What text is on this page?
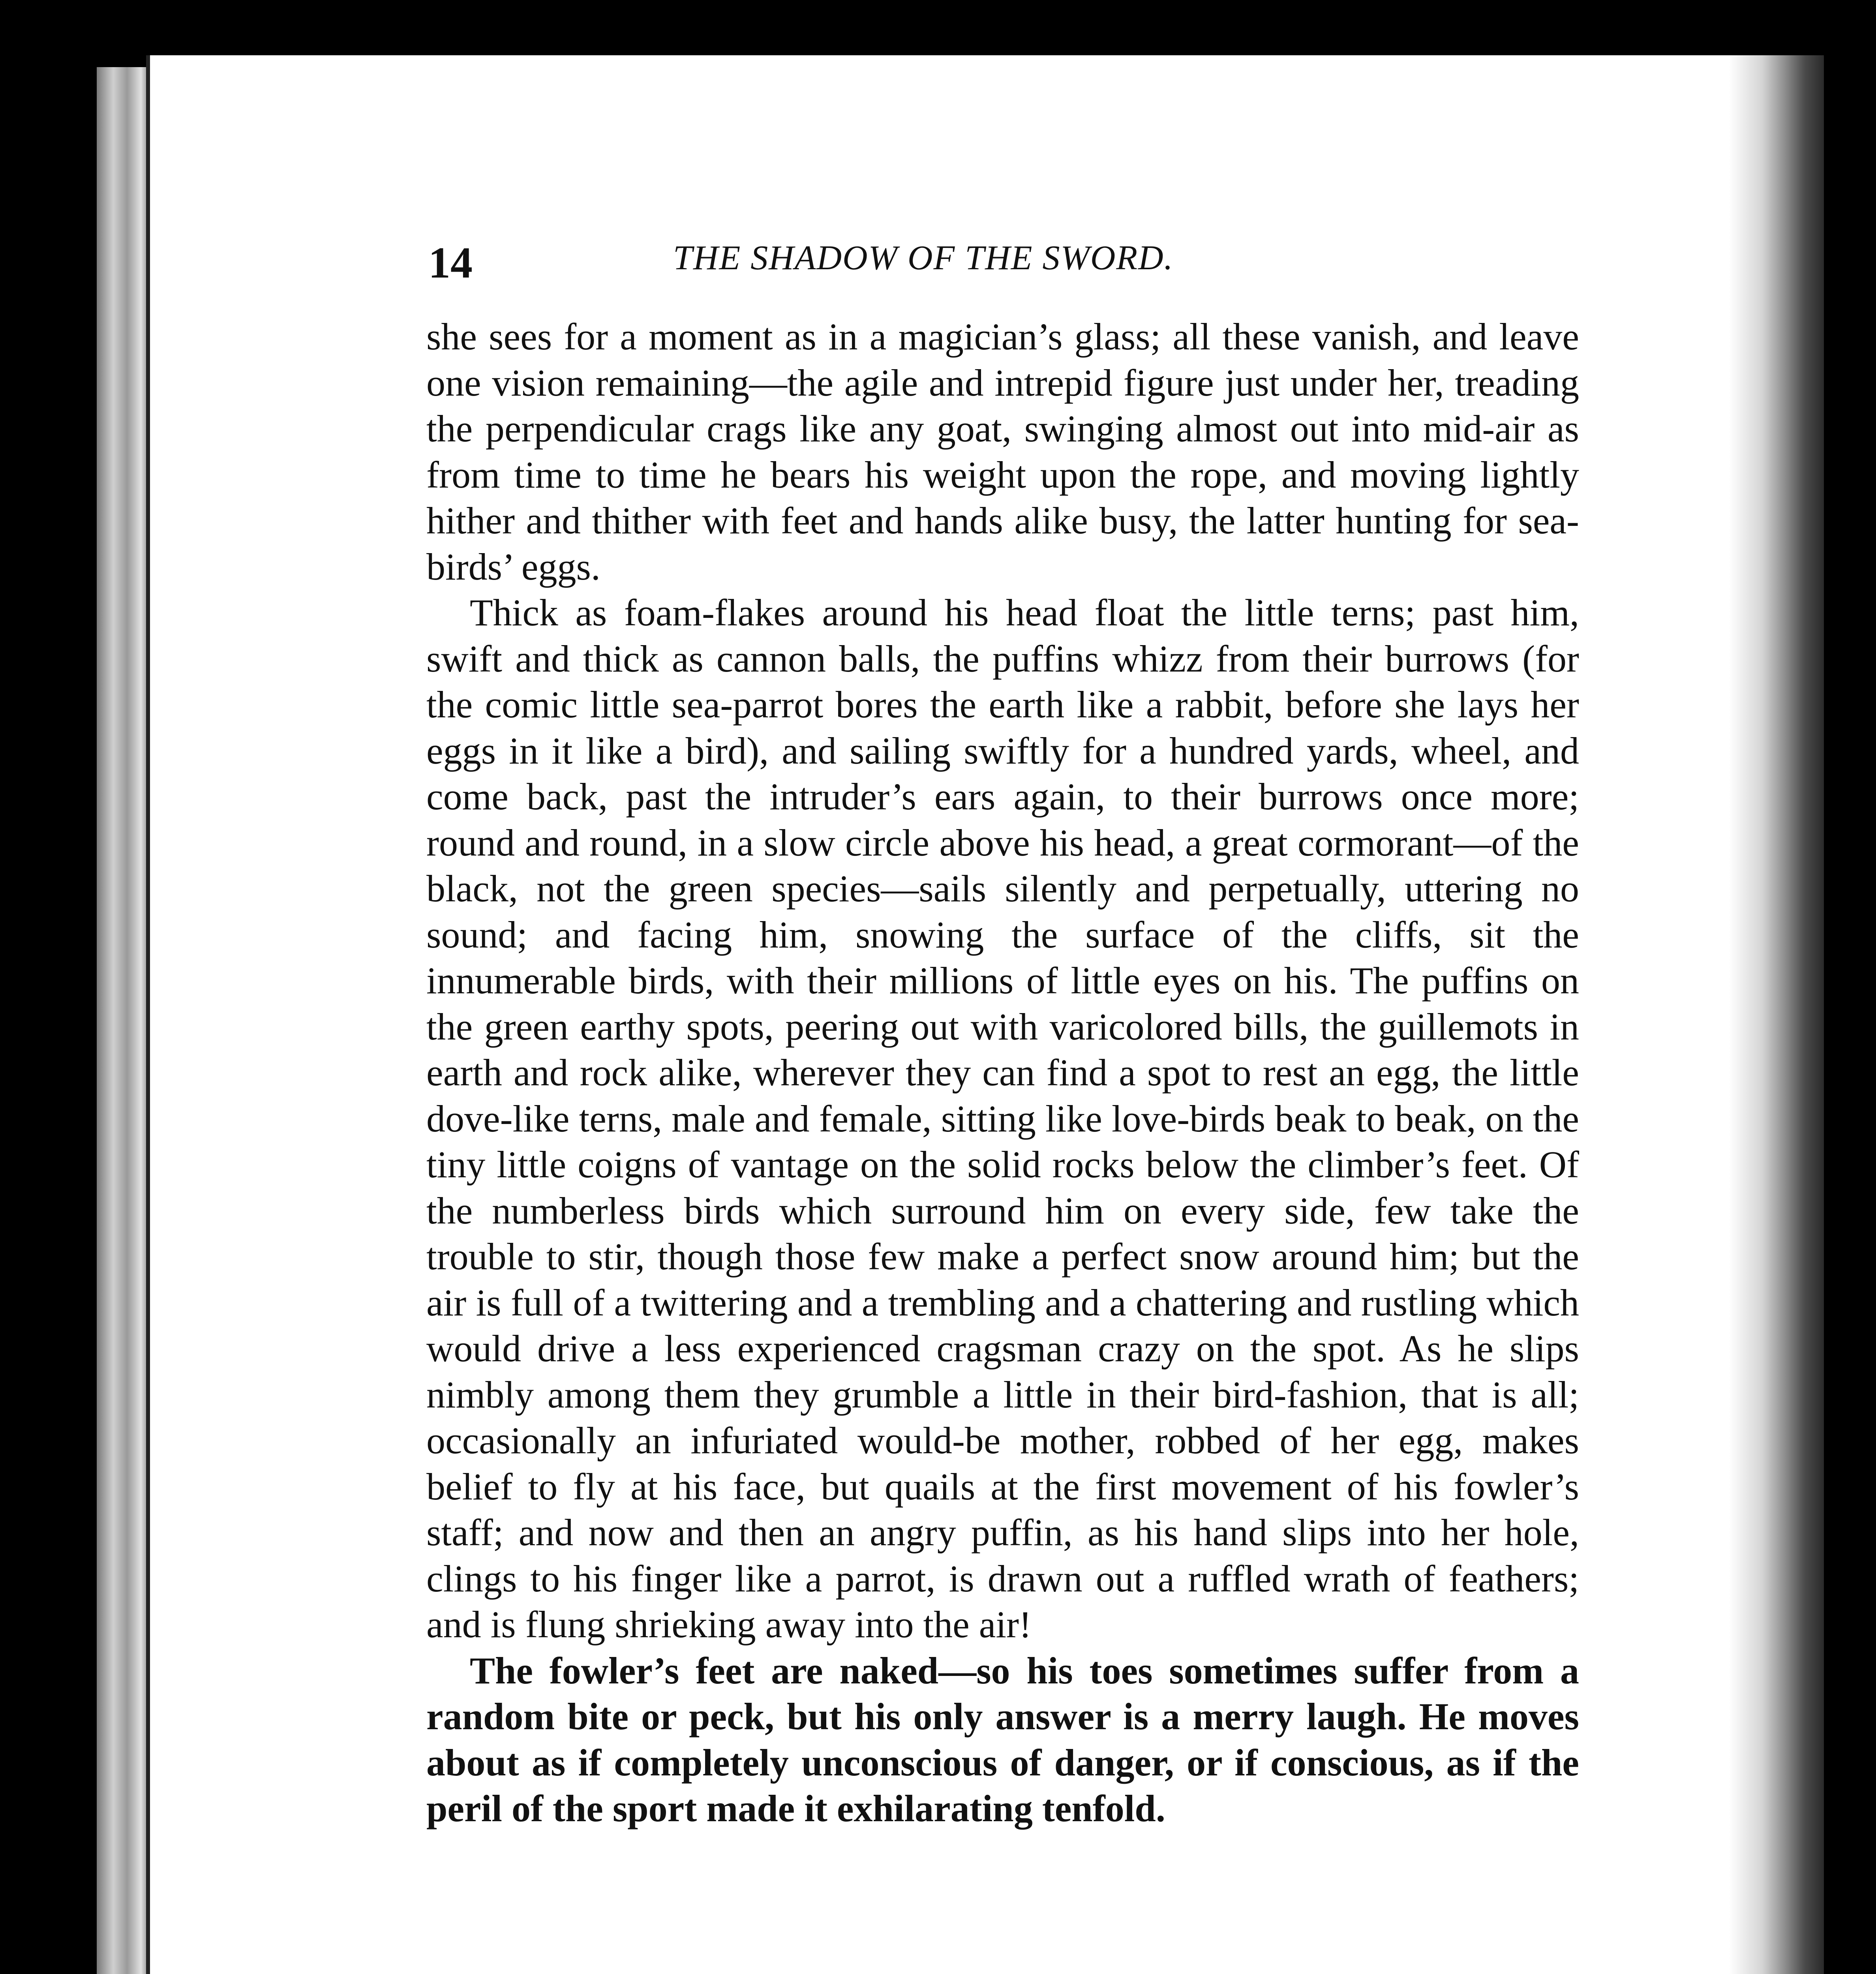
14	THE SHADOW OF THE SWORD.

she sees for a moment as in a magician’s glass; all these vanish, and leave one vision remaining—the agile and intrepid figure just under her, treading the perpendicular crags like any goat, swinging almost out into mid-air as from time to time he bears his weight upon the rope, and moving lightly hither and thither with feet and hands alike busy, the latter hunting for sea-birds’ eggs.

Thick as foam-flakes around his head float the little terns; past him, swift and thick as cannon balls, the puffins whizz from their burrows (for the comic little sea-parrot bores the earth like a rabbit, before she lays her eggs in it like a bird), and sailing swiftly for a hundred yards, wheel, and come back, past the intruder’s ears again, to their burrows once more; round and round, in a slow circle above his head, a great cormorant—of the black, not the green species—sails silently and perpetually, uttering no sound; and facing him, snowing the surface of the cliffs, sit the innumerable birds, with their millions of little eyes on his. The puffins on the green earthy spots, peering out with varicolored bills, the guillemots in earth and rock alike, wherever they can find a spot to rest an egg, the little dove-like terns, male and female, sitting like love-birds beak to beak, on the tiny little coigns of vantage on the solid rocks below the climber’s feet. Of the numberless birds which surround him on every side, few take the trouble to stir, though those few make a perfect snow around him; but the air is full of a twittering and a trembling and a chattering and rustling which would drive a less experienced cragsman crazy on the spot. As he slips nimbly among them they grumble a little in their bird-fashion, that is all; occasionally an infuriated would-be mother, robbed of her egg, makes belief to fly at his face, but quails at the first movement of his fowler’s staff; and now and then an angry puffin, as his hand slips into her hole, clings to his finger like a parrot, is drawn out a ruffled wrath of feathers; and is flung shrieking away into the air!

The fowler’s feet are naked—so his toes sometimes suffer from a random bite or peck, but his only answer is a merry laugh. He moves about as if completely unconscious of danger, or if conscious, as if the peril of the sport made it exhilarating tenfold.
